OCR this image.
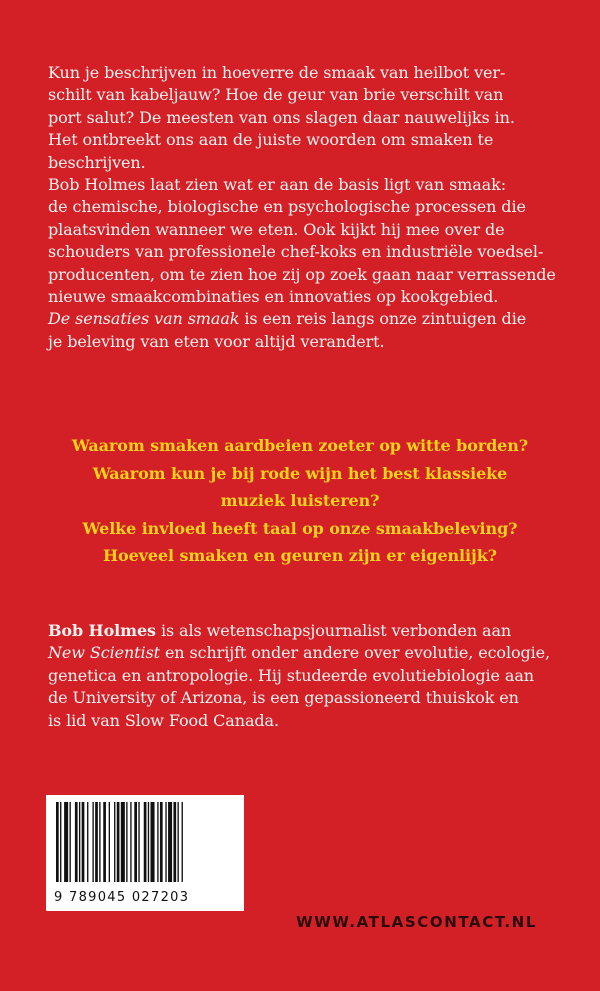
Kun je beschrijven in hoeverre de smaak van heilbot ver-
schilt van kabeljauw? Hoe de geur van brie verschilt van
port salut? De meesten van ons slagen daar nauwelijks in.
Het ontbreekt ons aan de juiste woorden om smaken te
beschrijven.
Bob Holmes laat zien wat er aan de basis ligt van smaak:
de chemische, biologische en psychologische processen die
plaatsvinden wanneer we eten. Ook kijkt hij mee over de
schouders van professionele chef-koks en industriële voedsel-
producenten, om te zien hoe zij op zoek gaan naar verrassende
nieuwe smaakcombinaties en innovaties op kookgebied.
De sensaties van smaak is een reis langs onze zintuigen die
je beleving van eten voor altijd verandert.
Waarom smaken aardbeien zoeter op witte borden?
Waarom kun je bij rode wijn het best klassieke
muziek luisteren?
Welke invloed heeft taal op onze smaakbeleving?
Hoeveel smaken en geuren zijn er eigenlijk?
Bob Holmes is als wetenschapsjournalist verbonden aan
New Scientist en schrijft onder andere over evolutie, ecologie,
genetica en antropologie. Hij studeerde evolutiebiologie aan
de University of Arizona, is een gepassioneerd thuiskok en
is lid van Slow Food Canada.
9 789045 027203
WWW.ATLASCONTACT.NL
